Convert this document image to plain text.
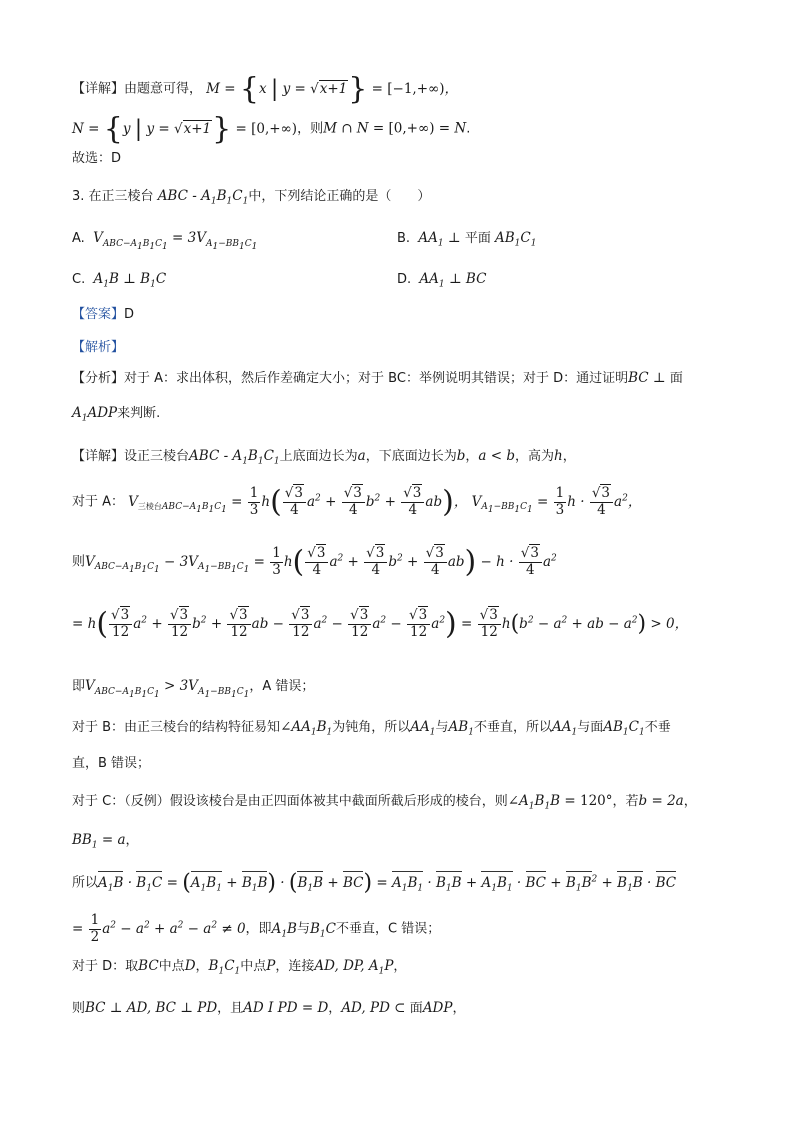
【详解】由题意可得， M = {x | y = √x+1} = [−1,+∞)，
N = {y | y = √x+1} = [0,+∞)，则M ∩ N = [0,+∞) = N.
故选：D
3. 在正三棱台 ABC - $A_1B_1C_1$中，下列结论正确的是（　　）
A. $V_{ABC-A_1B_1C_1} = 3V_{A_1-BB_1C_1}$
B. $AA_1$ ⊥ 平面 $AB_1C_1$
C. $A_1B$ ⊥ $B_1C$	D. $AA_1$ ⊥ BC
【答案】D
【解析】
【分析】对于 A：求出体积，然后作差确定大小；对于 BC：举例说明其错误；对于 D：通过证明BC ⊥ 面
$A_1ADP$来判断.
【详解】设正三棱台ABC - $A_1B_1C_1$上底面边长为a，下底面边长为b，a < b，高为h，
对于 A： $V_{三棱台ABC-A_1B_1C_1} = \frac{1}{3} h( \frac{√3}{4} a^2 + \frac{√3}{4} b^2 + \frac{√3}{4} ab)$， $V_{A_1-BB_1C_1} = \frac{1}{3}$ $h \cdot \frac{√3}{4} a^2$，
则$V_{ABC-A_1B_1C_1} - 3V_{A_1-BB_1C_1} = \frac{1}{3} h( \frac{√3}{4} a^2 + \frac{√3}{4} b^2 + \frac{√3}{4} ab) - h \cdot \frac{√3}{4} a^2$
= $h( \frac{√3}{12} a^2 + \frac{√3}{12} b^2 + \frac{√3}{12}$ ab − $\frac{√3}{12} a^2 - \frac{√3}{12} a^2 - \frac{√3}{12} a^2) = \frac{√3}{12} h(b^2 - a^2$ + ab − $a^2) > 0$，
即$V_{ABC-A_1B_1C_1} > 3V_{A_1-BB_1C_1}$，A 错误；
对于 B：由正三棱台的结构特征易知$\angle AA_1B_1$为钝角，所以$AA_1$与$AB_1$不垂直，所以$AA_1$与面$AB_1C_1$不垂
直，B 错误；
对于 C：（反例）假设该棱台是由正四面体被其中截面所截后形成的棱台，则$\angle A_1B_1B = 120^\circ$，若b = 2a，
$BB_1 = a$，
所以$A_1B \cdot B_1C = (A_1B_1 + B_1B) \cdot (B_1B + BC) = A_1B_1 \cdot B_1B + A_1B_1$ · BC + $B_1B^2 + B_1B$ · BC
= $\frac{1}{2} a^2 - a^2 + a^2 - a^2 \ne 0$，即$A_1B$与$B_1C$不垂直，C 错误；
对于 D：取BC中点D，$B_1C_1$中点P，连接AD, DP, $A_1P$，
则BC ⊥ AD, BC ⊥ PD，且AD I PD = D，AD, PD ⊂ 面ADP，
